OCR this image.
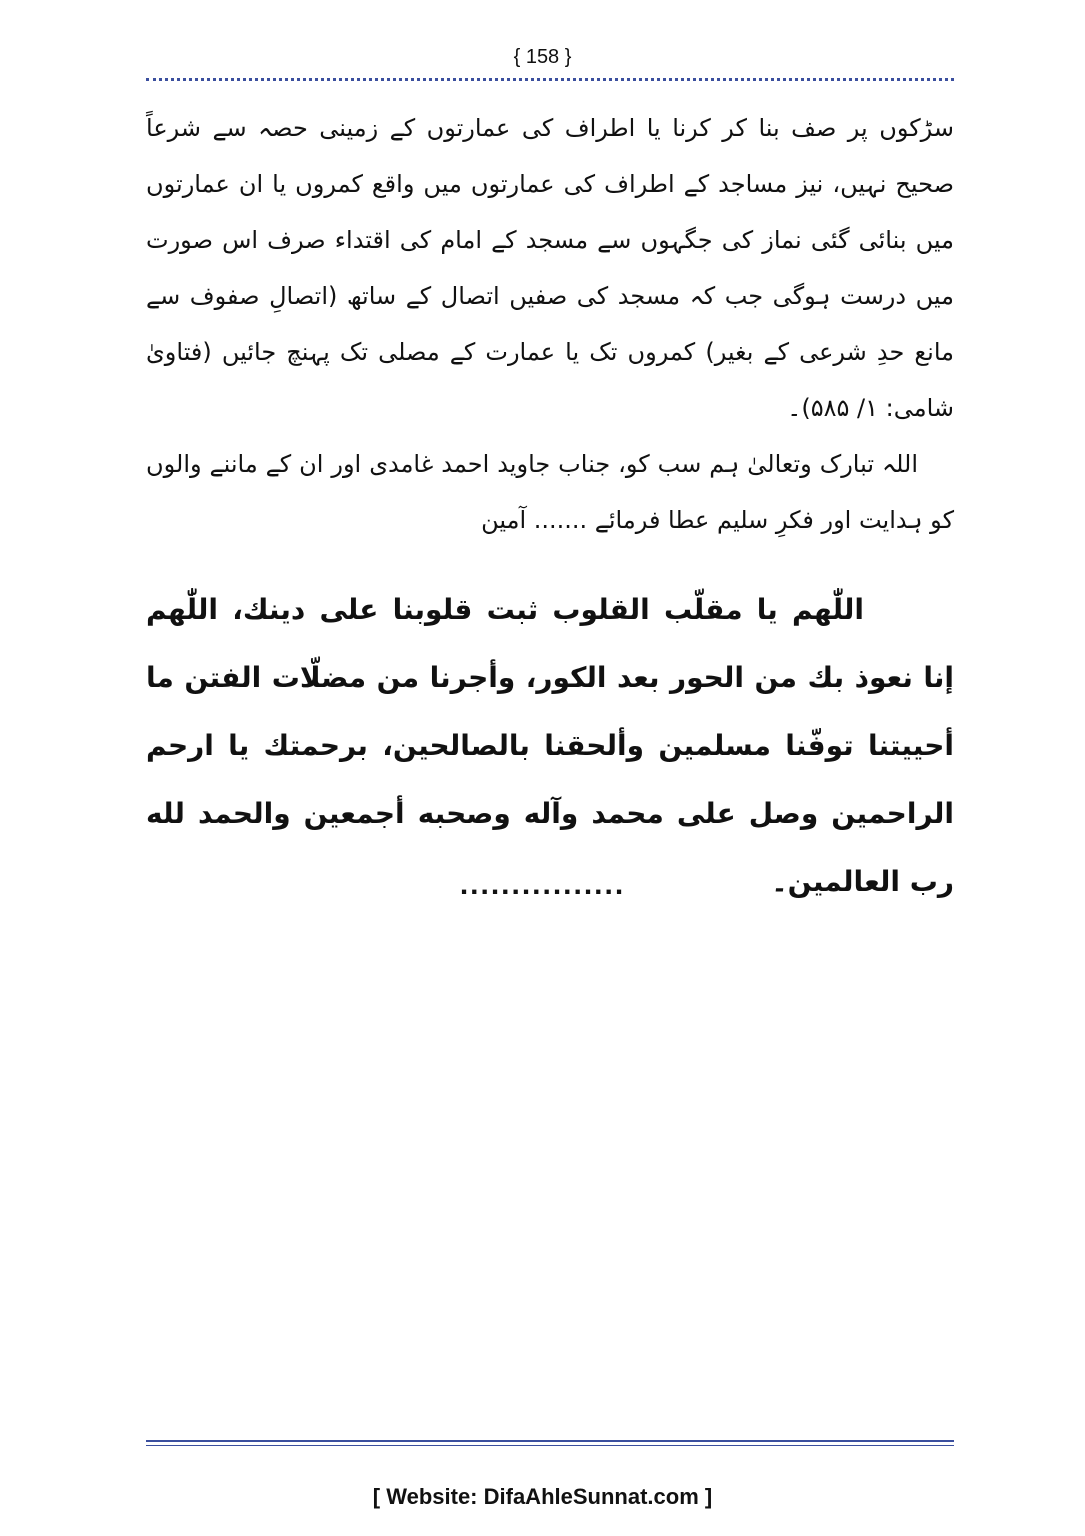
{ 158 }
سڑکوں پر صف بنا کر کرنا یا اطراف کی عمارتوں کے زمینی حصہ سے شرعاً صحیح نہیں، نیز مساجد کے اطراف کی عمارتوں میں واقع کمروں یا ان عمارتوں میں بنائی گئی نماز کی جگہوں سے مسجد کے امام کی اقتداء صرف اس صورت میں درست ہوگی جب کہ مسجد کی صفیں اتصال کے ساتھ (اتصالِ صفوف سے مانع حدِ شرعی کے بغیر) کمروں تک یا عمارت کے مصلی تک پہنچ جائیں (فتاویٰ شامی: ۱/ ۵۸۵)۔
اللہ تبارک وتعالیٰ ہم سب کو، جناب جاوید احمد غامدی اور ان کے ماننے والوں کو ہدایت اور فکرِ سلیم عطا فرمائے ....... آمین
اللّٰهم یا مقلّب القلوب ثبت قلوبنا علی دینك، اللّٰهم إنا نعوذ بك من الحور بعد الكور، وأجرنا من مضلّات الفتن ما أحييتنا توفّنا مسلمين وألحقنا بالصالحين، برحمتك يا ارحم الراحمين وصل على محمد وآله وصحبه أجمعين والحمد لله رب العالمين۔
................
[ Website: DifaAhleSunnat.com ]
